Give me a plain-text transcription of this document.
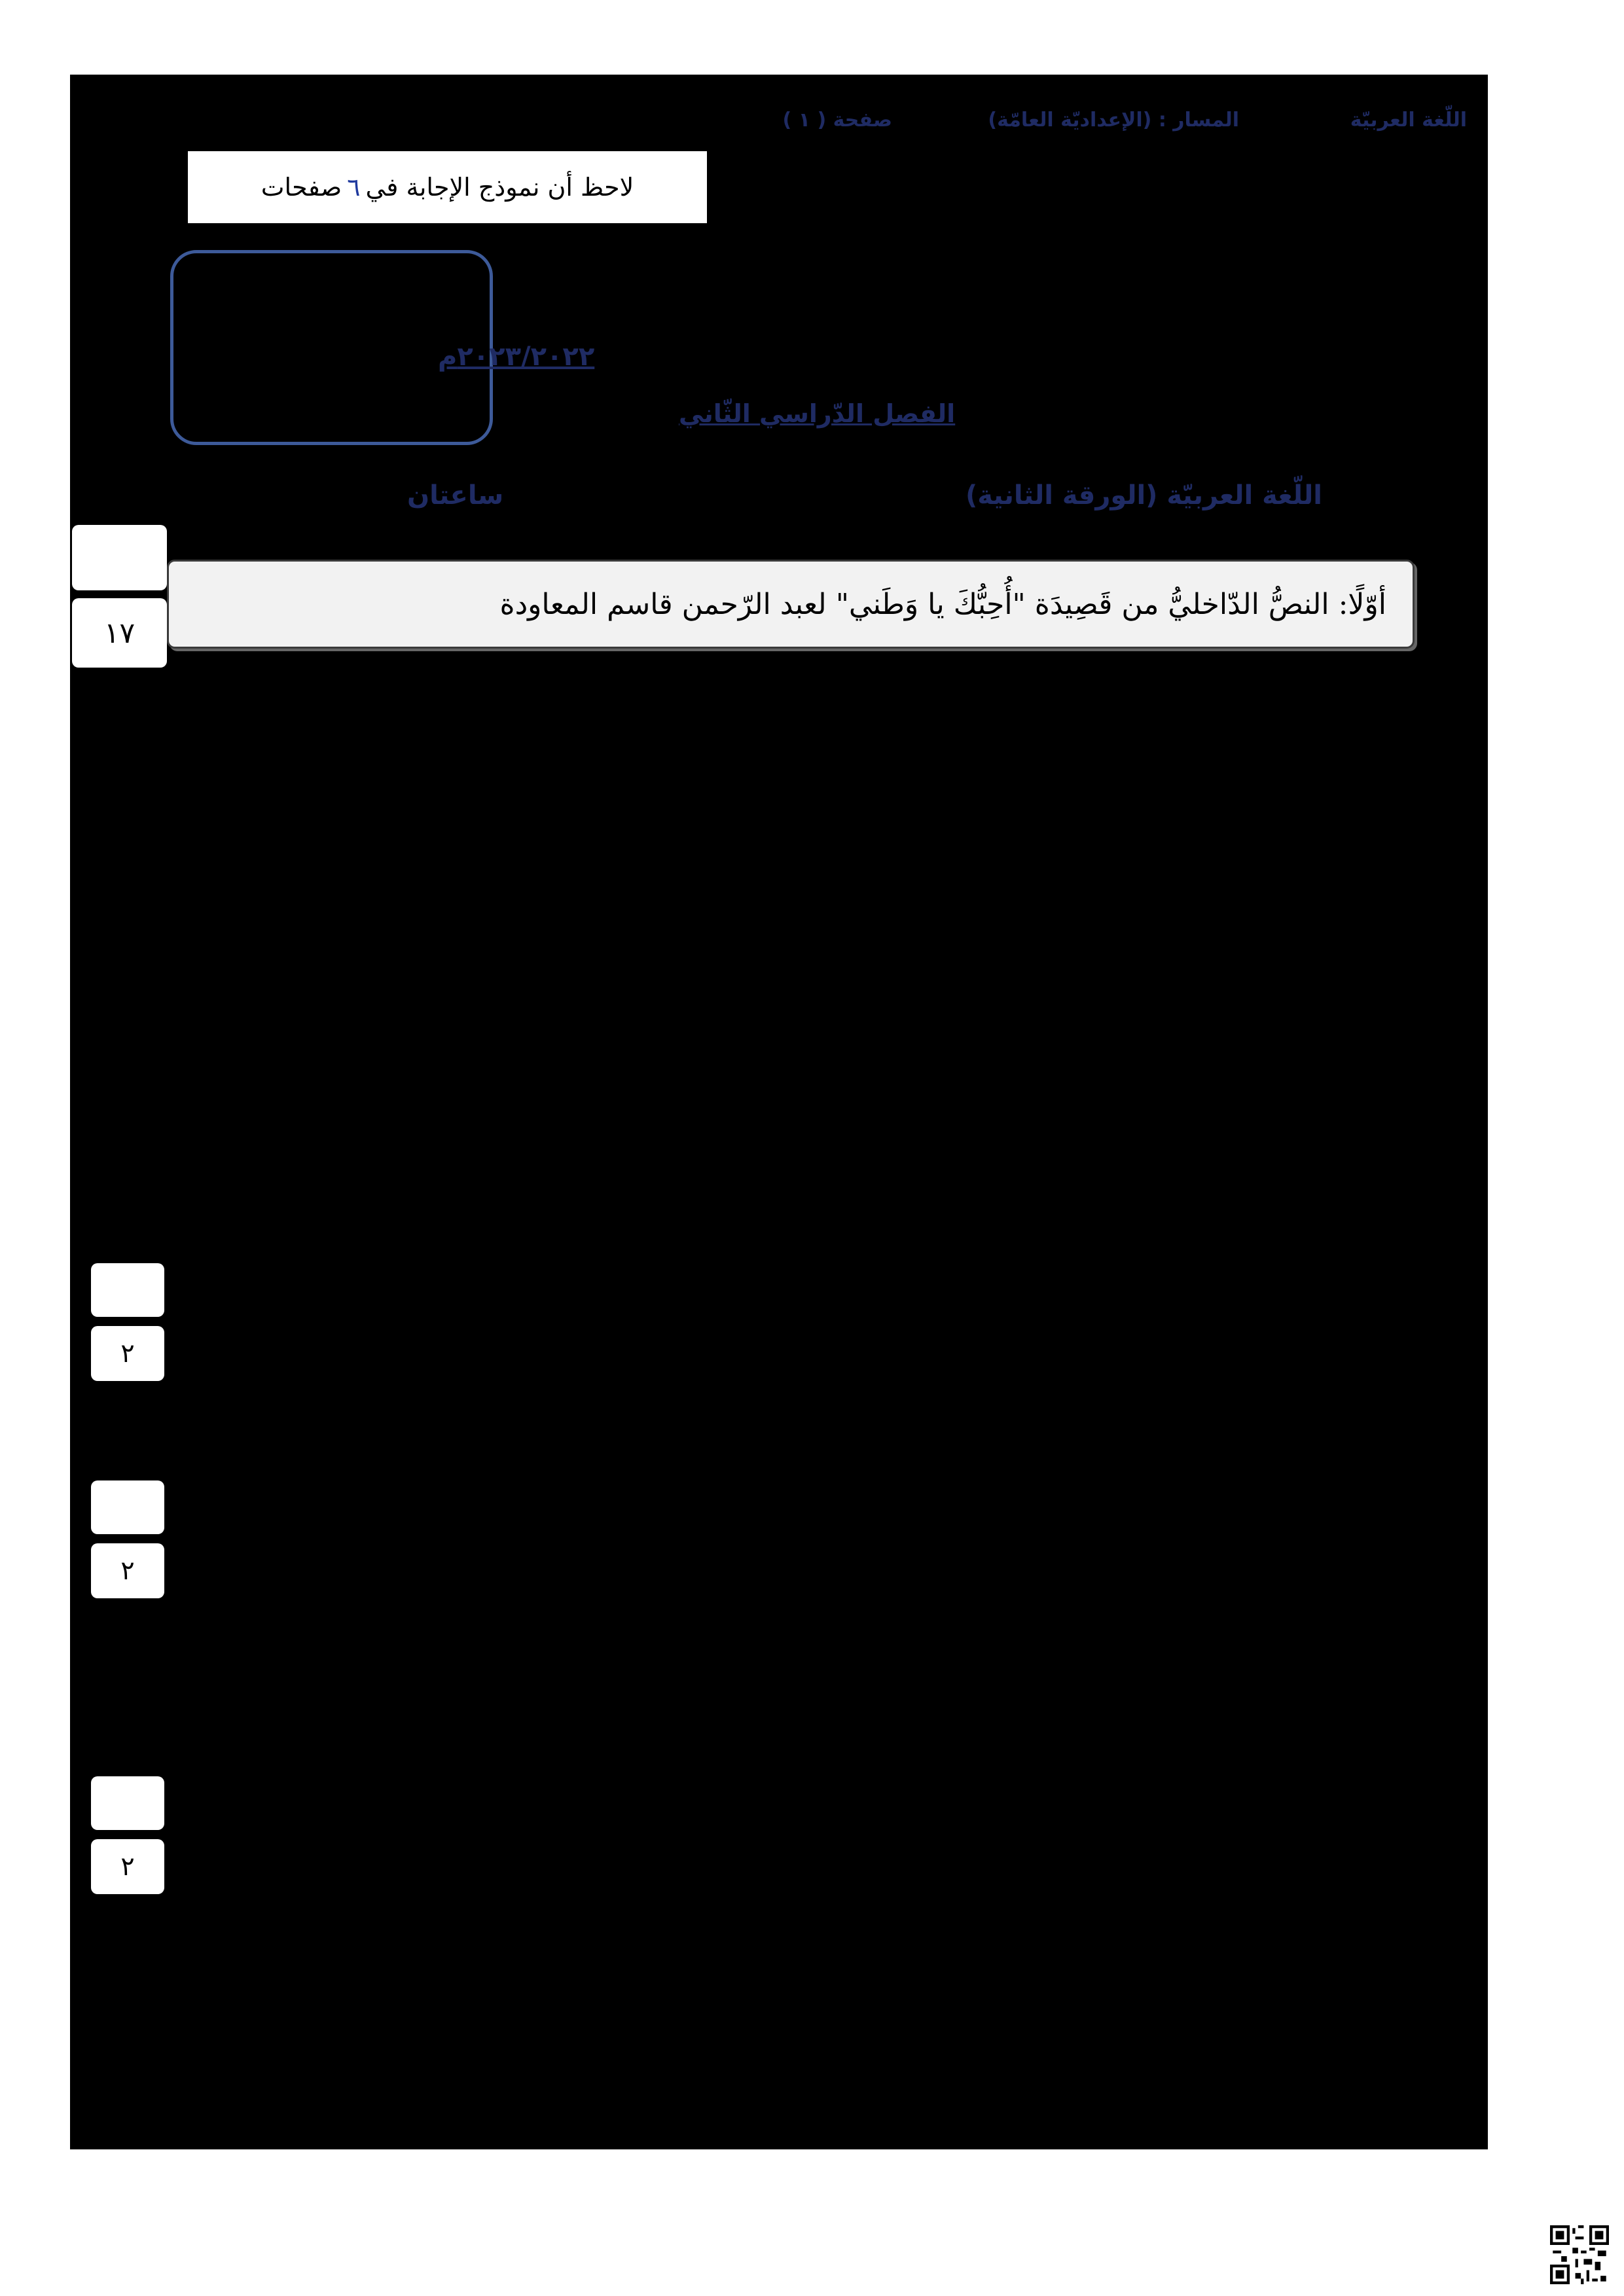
اللّغة العربيّة
المسار : (الإعداديّة العامّة)
صفحة ( ١ )
لاحظ أن نموذج الإجابة في
٦
صفحات
٢٠٢٣/٢٠٢٢م
الفصل الدّراسي الثّاني
اللّغة العربيّة (الورقة الثانية)
ساعتان
١٧
أوّلًا: النصُّ الدّاخليُّ من قَصِيدَة "أُحِبُّكَ يا وَطَني" لعبد الرّحمن قاسم المعاودة
٢
٢
٢
